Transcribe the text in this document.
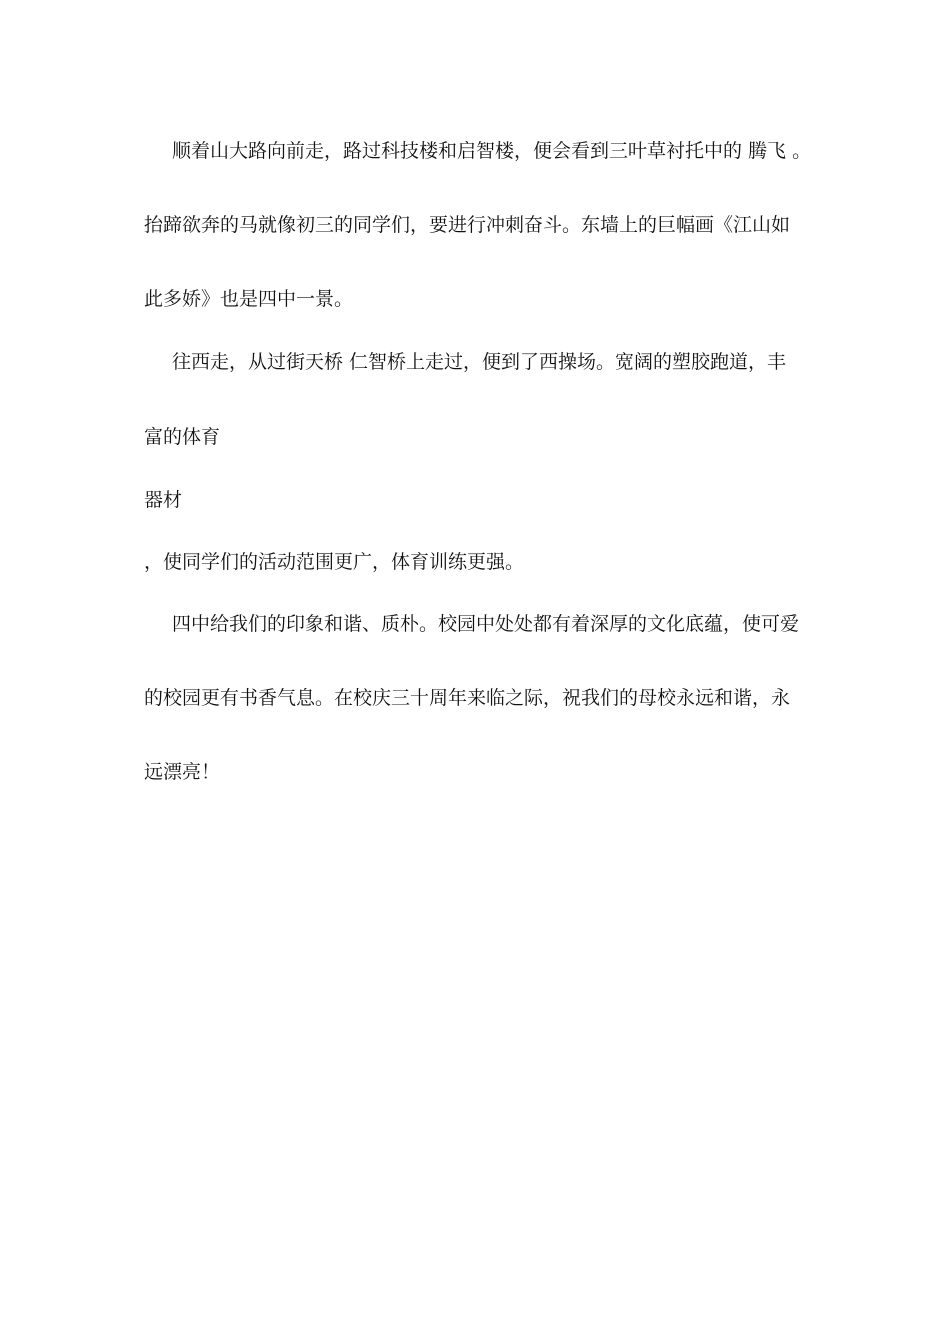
顺着山大路向前走，路过科技楼和启智楼，便会看到三叶草衬托中的 腾飞 。
抬蹄欲奔的马就像初三的同学们，要进行冲刺奋斗。东墙上的巨幅画《江山如
此多娇》也是四中一景。
往西走，从过街天桥 仁智桥上走过，便到了西操场。宽阔的塑胶跑道，丰
富的体育
器材
，使同学们的活动范围更广，体育训练更强。
四中给我们的印象和谐、质朴。校园中处处都有着深厚的文化底蕴，使可爱
的校园更有书香气息。在校庆三十周年来临之际，祝我们的母校永远和谐，永
远漂亮！
